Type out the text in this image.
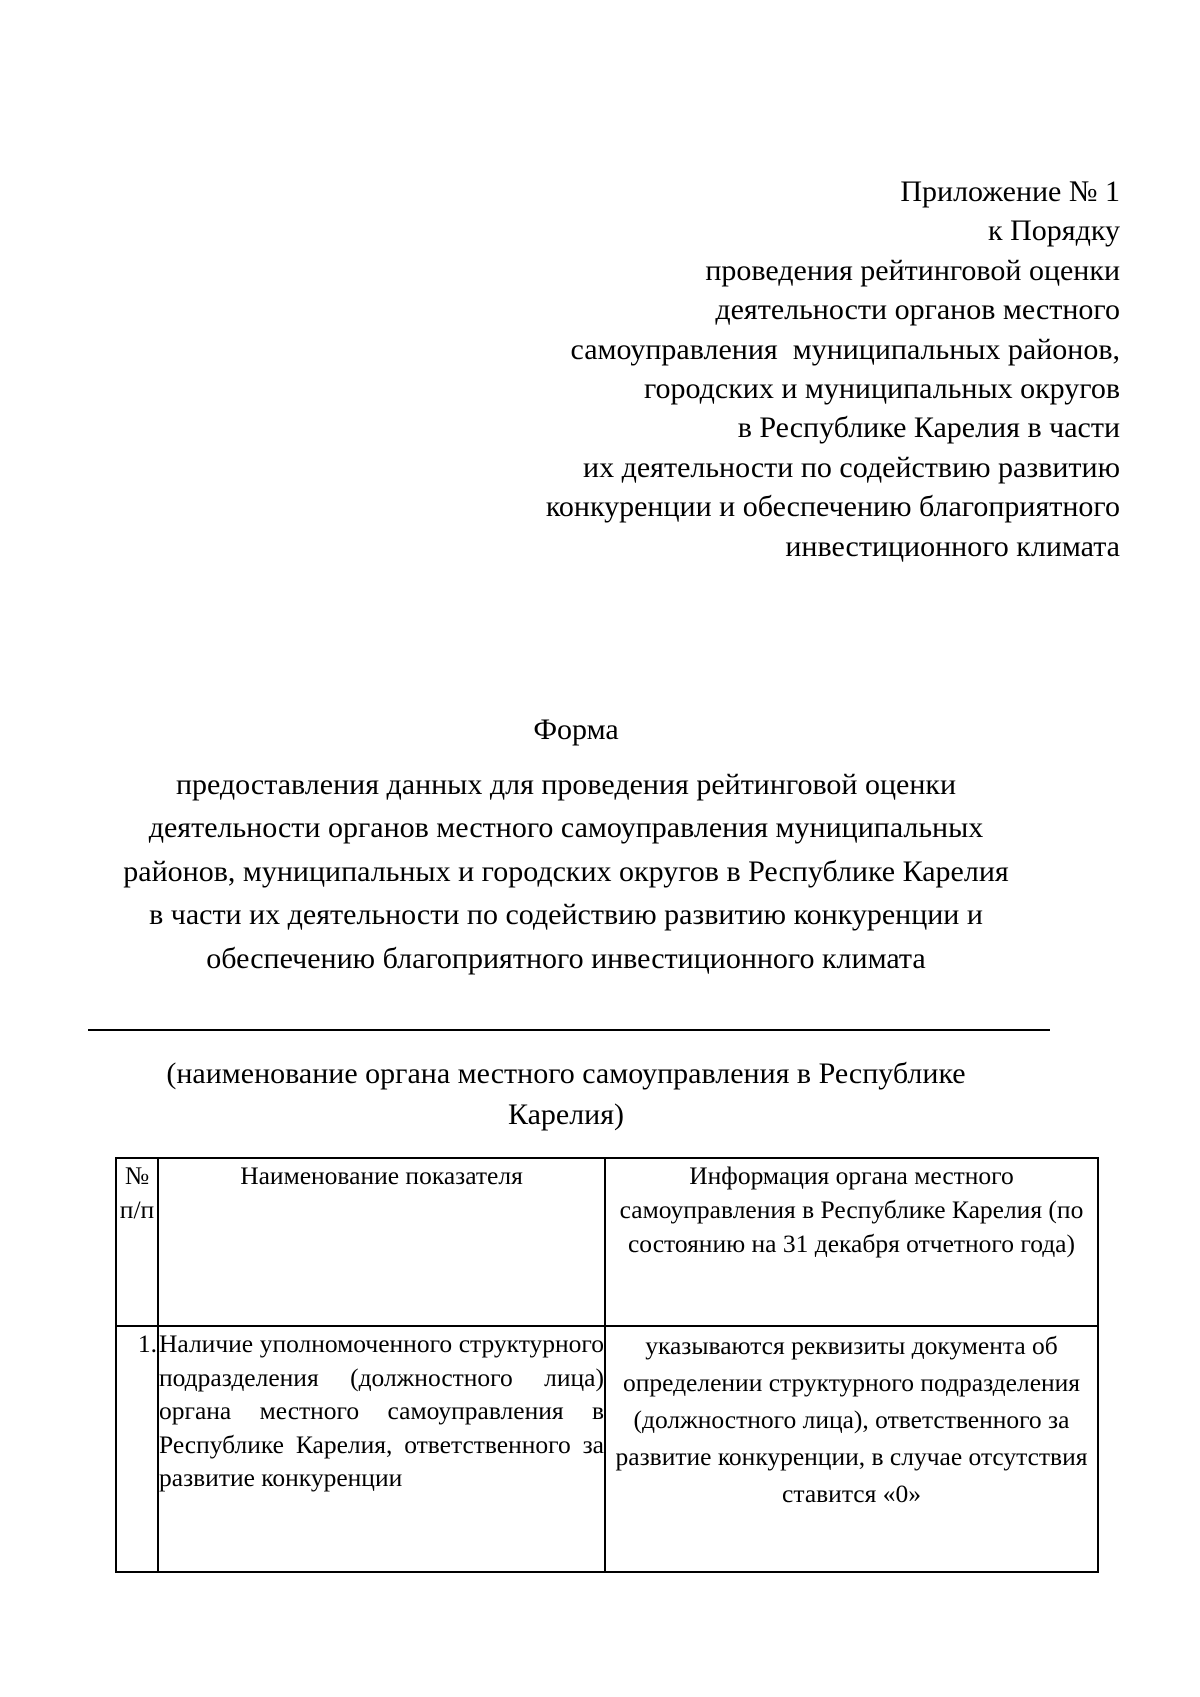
Приложение № 1
к Порядку
проведения рейтинговой оценки
деятельности органов местного
самоуправления  муниципальных районов,
городских и муниципальных округов
в Республике Карелия в части
их деятельности по содействию развитию
конкуренции и обеспечению благоприятного
инвестиционного климата
Форма
предоставления данных для проведения рейтинговой оценки
деятельности органов местного самоуправления муниципальных
районов, муниципальных и городских округов в Республике Карелия
в части их деятельности по содействию развитию конкуренции и
обеспечению благоприятного инвестиционного климата
(наименование органа местного самоуправления в Республике
Карелия)
№ п/п	Наименование показателя	Информация органа местного самоуправления в Республике Карелия (по состоянию на 31 декабря отчетного года)
1.	Наличие уполномоченного структурного подразделения (должностного лица) органа местного самоуправления в Республике Карелия, ответственного за развитие конкуренции	указываются реквизиты документа об определении структурного подразделения (должностного лица), ответственного за развитие конкуренции, в случае отсутствия ставится «0»
